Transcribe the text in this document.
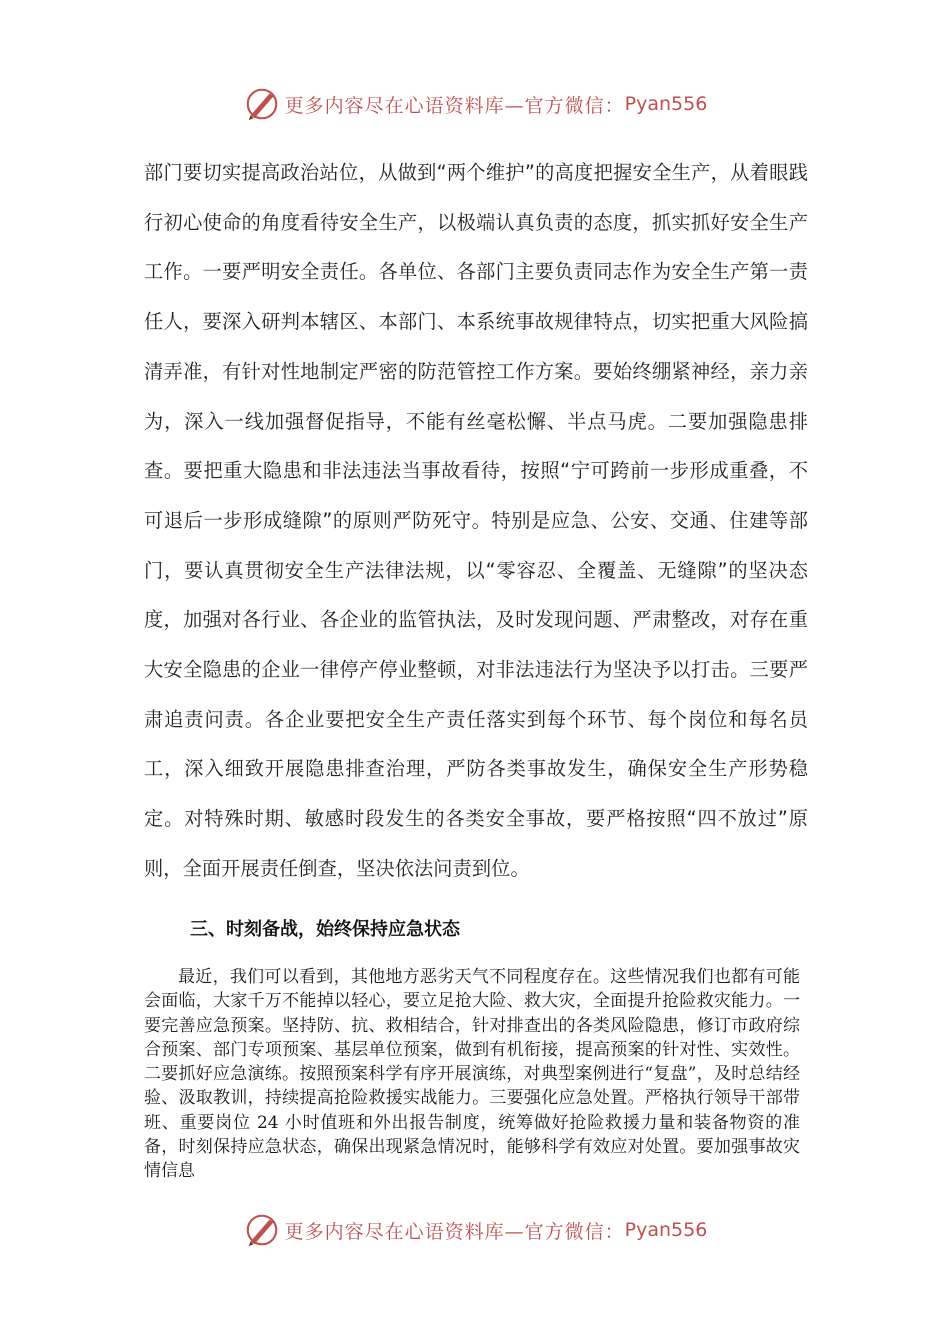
更多内容尽在心语资料库—官方微信： Pyan556

部门要切实提高政治站位，从做到“两个维护”的高度把握安全生产，从着眼践行初心使命的角度看待安全生产，以极端认真负责的态度，抓实抓好安全生产工作。一要严明安全责任。各单位、各部门主要负责同志作为安全生产第一责任人，要深入研判本辖区、本部门、本系统事故规律特点，切实把重大风险搞清弄准，有针对性地制定严密的防范管控工作方案。要始终绷紧神经，亲力亲为，深入一线加强督促指导，不能有丝毫松懈、半点马虎。二要加强隐患排查。要把重大隐患和非法违法当事故看待，按照“宁可跨前一步形成重叠，不可退后一步形成缝隙”的原则严防死守。特别是应急、公安、交通、住建等部门，要认真贯彻安全生产法律法规，以“零容忍、全覆盖、无缝隙”的坚决态度，加强对各行业、各企业的监管执法，及时发现问题、严肃整改，对存在重大安全隐患的企业一律停产停业整顿，对非法违法行为坚决予以打击。三要严肃追责问责。各企业要把安全生产责任落实到每个环节、每个岗位和每名员工，深入细致开展隐患排查治理，严防各类事故发生，确保安全生产形势稳定。对特殊时期、敏感时段发生的各类安全事故，要严格按照“四不放过”原则，全面开展责任倒查，坚决依法问责到位。

三、时刻备战，始终保持应急状态

最近，我们可以看到，其他地方恶劣天气不同程度存在。这些情况我们也都有可能会面临，大家千万不能掉以轻心，要立足抢大险、救大灾，全面提升抢险救灾能力。一要完善应急预案。坚持防、抗、救相结合，针对排查出的各类风险隐患，修订市政府综合预案、部门专项预案、基层单位预案，做到有机衔接，提高预案的针对性、实效性。二要抓好应急演练。按照预案科学有序开展演练，对典型案例进行“复盘”，及时总结经验、汲取教训，持续提高抢险救援实战能力。三要强化应急处置。严格执行领导干部带班、重要岗位 24 小时值班和外出报告制度，统筹做好抢险救援力量和装备物资的准备，时刻保持应急状态，确保出现紧急情况时，能够科学有效应对处置。要加强事故灾情信息

更多内容尽在心语资料库—官方微信： Pyan556
